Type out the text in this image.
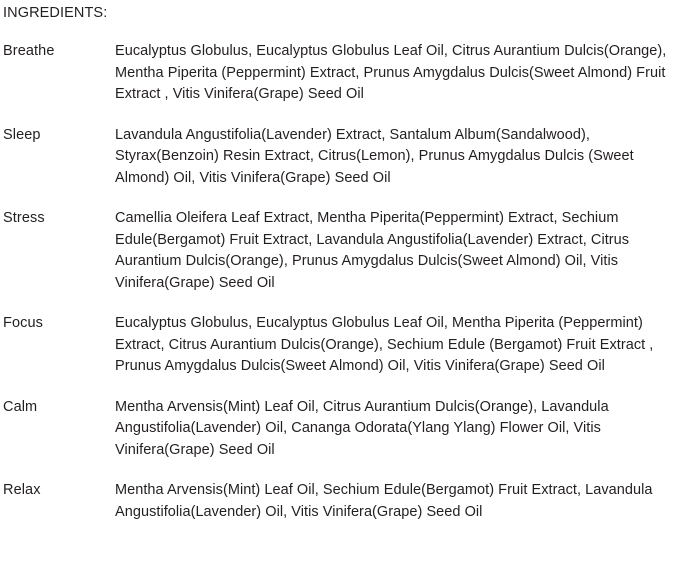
INGREDIENTS:
Breathe	Eucalyptus Globulus, Eucalyptus Globulus Leaf Oil, Citrus Aurantium Dulcis(Orange), Mentha Piperita (Peppermint) Extract, Prunus Amygdalus Dulcis(Sweet Almond) Fruit Extract , Vitis Vinifera(Grape) Seed Oil
Sleep	Lavandula Angustifolia(Lavender) Extract, Santalum Album(Sandalwood), Styrax(Benzoin) Resin Extract, Citrus(Lemon), Prunus Amygdalus Dulcis (Sweet Almond) Oil, Vitis Vinifera(Grape) Seed Oil
Stress	Camellia Oleifera Leaf Extract, Mentha Piperita(Peppermint) Extract, Sechium Edule(Bergamot) Fruit Extract, Lavandula Angustifolia(Lavender) Extract, Citrus Aurantium Dulcis(Orange), Prunus Amygdalus Dulcis(Sweet Almond) Oil, Vitis Vinifera(Grape) Seed Oil
Focus	Eucalyptus Globulus, Eucalyptus Globulus Leaf Oil, Mentha Piperita (Peppermint) Extract, Citrus Aurantium Dulcis(Orange), Sechium Edule (Bergamot) Fruit Extract , Prunus Amygdalus Dulcis(Sweet Almond) Oil, Vitis Vinifera(Grape) Seed Oil
Calm	Mentha Arvensis(Mint) Leaf Oil, Citrus Aurantium Dulcis(Orange), Lavandula Angustifolia(Lavender) Oil, Cananga Odorata(Ylang Ylang) Flower Oil, Vitis Vinifera(Grape) Seed Oil
Relax	Mentha Arvensis(Mint) Leaf Oil, Sechium Edule(Bergamot) Fruit Extract, Lavandula Angustifolia(Lavender) Oil, Vitis Vinifera(Grape) Seed Oil
